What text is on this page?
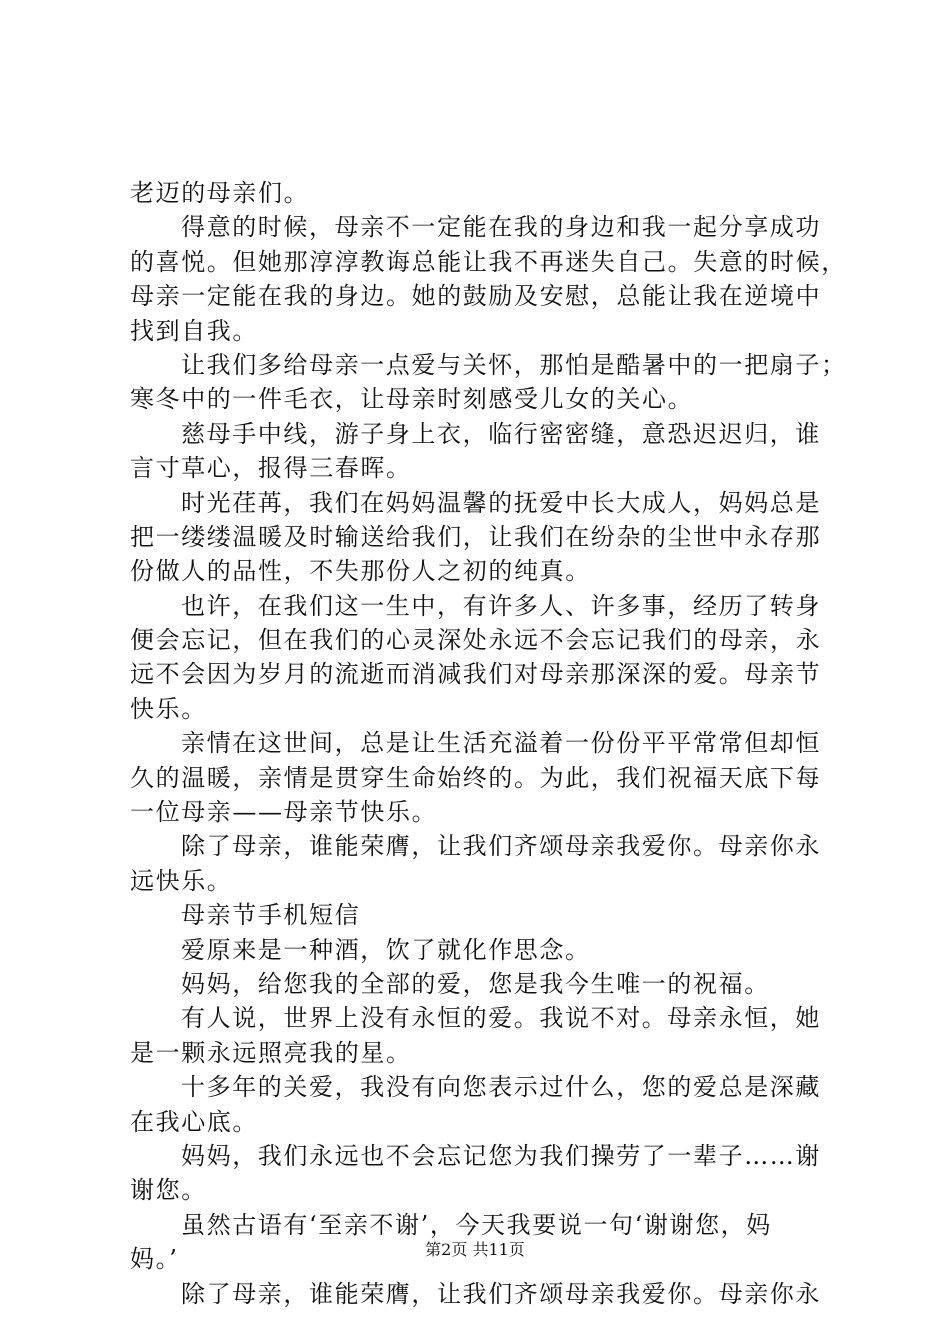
老迈的母亲们。
得意的时候，母亲不一定能在我的身边和我一起分享成功
的喜悦。但她那淳淳教诲总能让我不再迷失自己。失意的时候，
母亲一定能在我的身边。她的鼓励及安慰，总能让我在逆境中
找到自我。
让我们多给母亲一点爱与关怀，那怕是酷暑中的一把扇子；
寒冬中的一件毛衣，让母亲时刻感受儿女的关心。
慈母手中线，游子身上衣，临行密密缝，意恐迟迟归，谁
言寸草心，报得三春晖。
时光荏苒，我们在妈妈温馨的抚爱中长大成人，妈妈总是
把一缕缕温暖及时输送给我们，让我们在纷杂的尘世中永存那
份做人的品性，不失那份人之初的纯真。
也许，在我们这一生中，有许多人、许多事，经历了转身
便会忘记，但在我们的心灵深处永远不会忘记我们的母亲，永
远不会因为岁月的流逝而消减我们对母亲那深深的爱。母亲节
快乐。
亲情在这世间，总是让生活充溢着一份份平平常常但却恒
久的温暖，亲情是贯穿生命始终的。为此，我们祝福天底下每
一位母亲——母亲节快乐。
除了母亲，谁能荣膺，让我们齐颂母亲我爱你。母亲你永
远快乐。
母亲节手机短信
爱原来是一种酒，饮了就化作思念。
妈妈，给您我的全部的爱，您是我今生唯一的祝福。
有人说，世界上没有永恒的爱。我说不对。母亲永恒，她
是一颗永远照亮我的星。
十多年的关爱，我没有向您表示过什么，您的爱总是深藏
在我心底。
妈妈，我们永远也不会忘记您为我们操劳了一辈子……谢
谢您。
虽然古语有‘至亲不谢’，今天我要说一句‘谢谢您，妈
妈。’
除了母亲，谁能荣膺，让我们齐颂母亲我爱你。母亲你永
第2页 共11页
